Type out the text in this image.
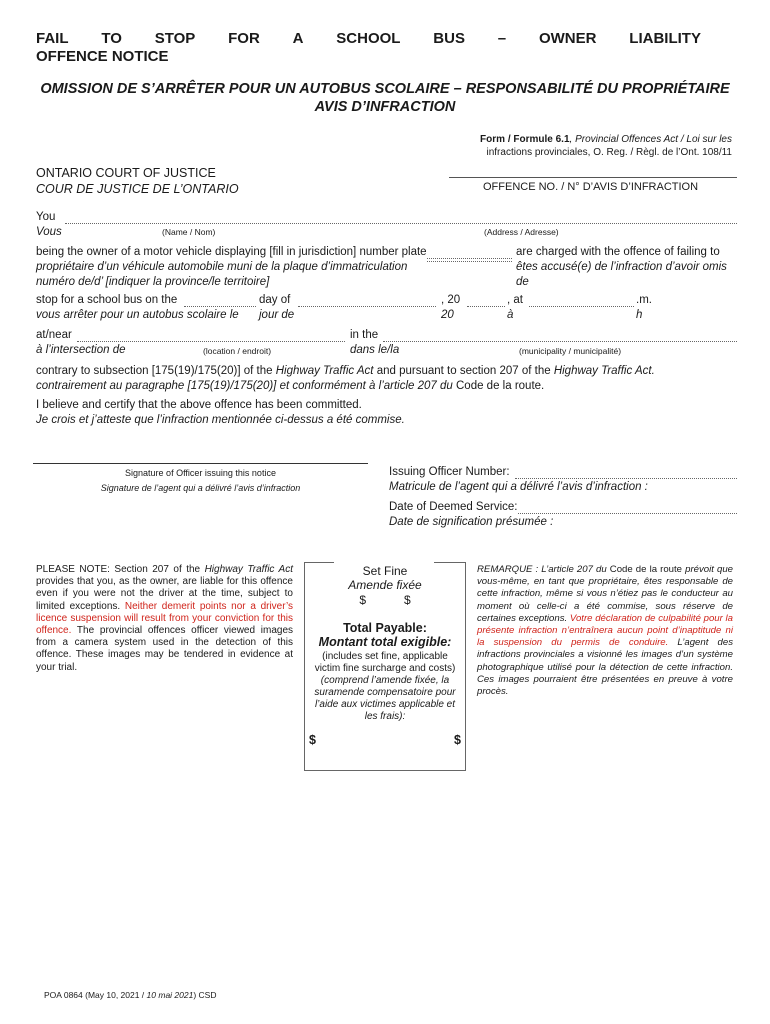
FAIL TO STOP FOR A SCHOOL BUS – OWNER LIABILITY
OFFENCE NOTICE
OMISSION DE S’ARRÊTER POUR UN AUTOBUS SCOLAIRE – RESPONSABILITÉ DU PROPRIÉTAIRE
AVIS D’INFRACTION
Form / Formule 6.1, Provincial Offences Act / Loi sur les
infractions provinciales, O. Reg. / Règl. de l’Ont. 108/11
ONTARIO COURT OF JUSTICE
COUR DE JUSTICE DE L’ONTARIO	OFFENCE NO. / N° D’AVIS D’INFRACTION
You
Vous	(Name / Nom)	(Address / Adresse)
being the owner of a motor vehicle displaying [fill in jurisdiction] number plate
propriétaire d’un véhicule automobile muni de la plaque d’immatriculation
numéro de/d’ [indiquer la province/le territoire]
are charged with the offence of failing to
êtes accusé(e) de l’infraction d’avoir omis
de
stop for a school bus on the
vous arrêter pour un autobus scolaire le
day of
jour de
, 20
20
, at
à
.m.
h
at/near
à l’intersection de	(location / endroit)
in the
dans le/la	(municipality / municipalité)
contrary to subsection [175(19)/175(20)] of the Highway Traffic Act and pursuant to section 207 of the Highway Traffic Act.
contrairement au paragraphe [175(19)/175(20)] et conformément à l’article 207 du Code de la route.
I believe and certify that the above offence has been committed.
Je crois et j’atteste que l’infraction mentionnée ci-dessus a été commise.
Signature of Officer issuing this notice
Signature de l’agent qui a délivré l’avis d’infraction
Issuing Officer Number:
Matricule de l’agent qui a délivré l’avis d’infraction :
Date of Deemed Service:
Date de signification présumée :

PLEASE NOTE: Section 207 of the Highway Traffic Act provides that you, as the owner, are liable for this offence even if you were not the driver at the time, subject to limited exceptions. Neither demerit points nor a driver’s licence suspension will result from your conviction for this offence. The provincial offences officer viewed images from a camera system used in the detection of this offence. These images may be tendered in evidence at your trial.

Set Fine
Amende fixée
$	$
Total Payable:
Montant total exigible:
(includes set fine, applicable victim fine surcharge and costs)
(comprend l’amende fixée, la suramende compensatoire pour l’aide aux victimes applicable et les frais):
$	$

REMARQUE : L’article 207 du Code de la route prévoit que vous-même, en tant que propriétaire, êtes responsable de cette infraction, même si vous n’étiez pas le conducteur au moment où celle-ci a été commise, sous réserve de certaines exceptions. Votre déclaration de culpabilité pour la présente infraction n’entraînera aucun point d’inaptitude ni la suspension du permis de conduire. L’agent des infractions provinciales a visionné les images d’un système photographique utilisé pour la détection de cette infraction. Ces images pourraient être présentées en preuve à votre procès.

POA 0864 (May 10, 2021 / 10 mai 2021) CSD
